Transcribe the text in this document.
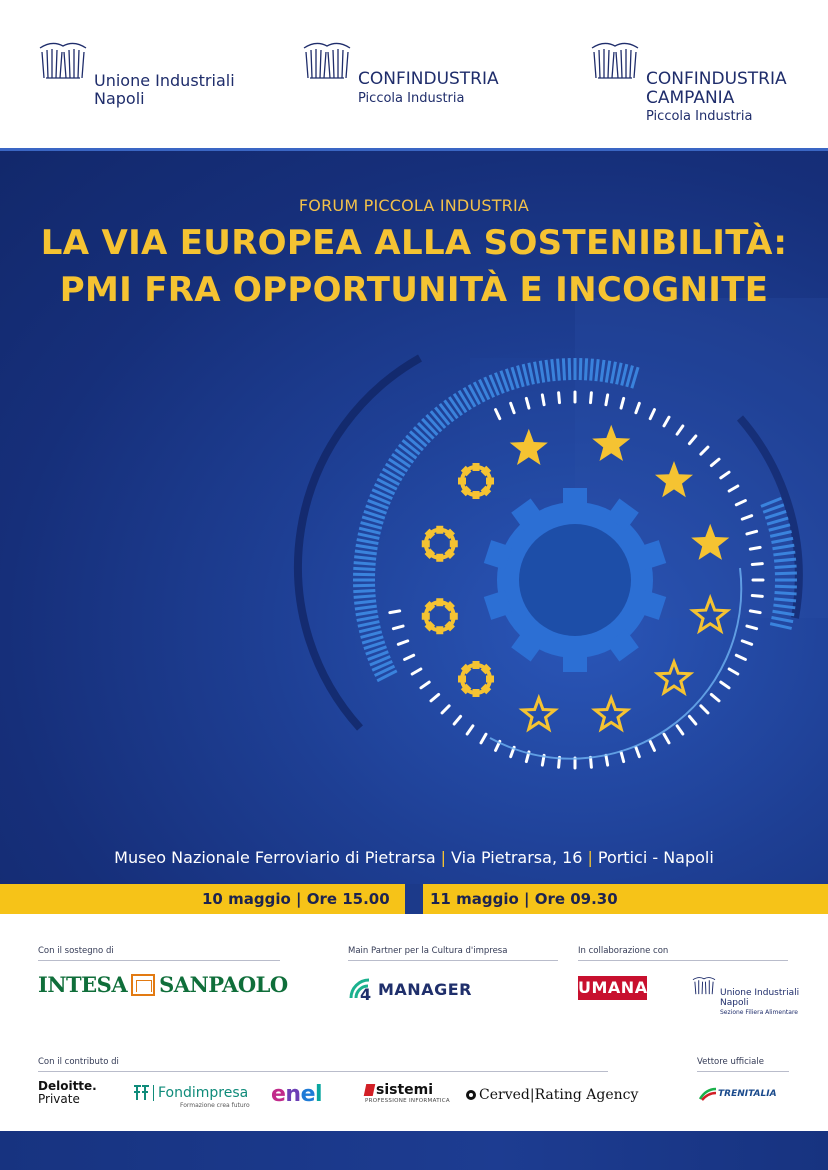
Unione Industriali
Napoli
CONFINDUSTRIA
Piccola Industria
CONFINDUSTRIA
CAMPANIA
Piccola Industria
FORUM PICCOLA INDUSTRIA
LA VIA EUROPEA ALLA SOSTENIBILITÀ:
PMI FRA OPPORTUNITÀ E INCOGNITE
Museo Nazionale Ferroviario di Pietrarsa | Via Pietrarsa, 16 | Portici - Napoli
10 maggio | Ore 15.00	11 maggio | Ore 09.30
Con il sostegno di
INTESA SANPAOLO
Main Partner per la Cultura d'impresa
4 MANAGER
In collaborazione con
UMANA	Unione Industriali
Napoli
Sezione Filiera Alimentare
Con il contributo di	Vettore ufficiale
Deloitte.
Private	Fondimpresa
Formazione crea futuro enel	sistemi
PROFESSIONE INFORMATICA Cerved|Rating Agency	TRENITALIA
